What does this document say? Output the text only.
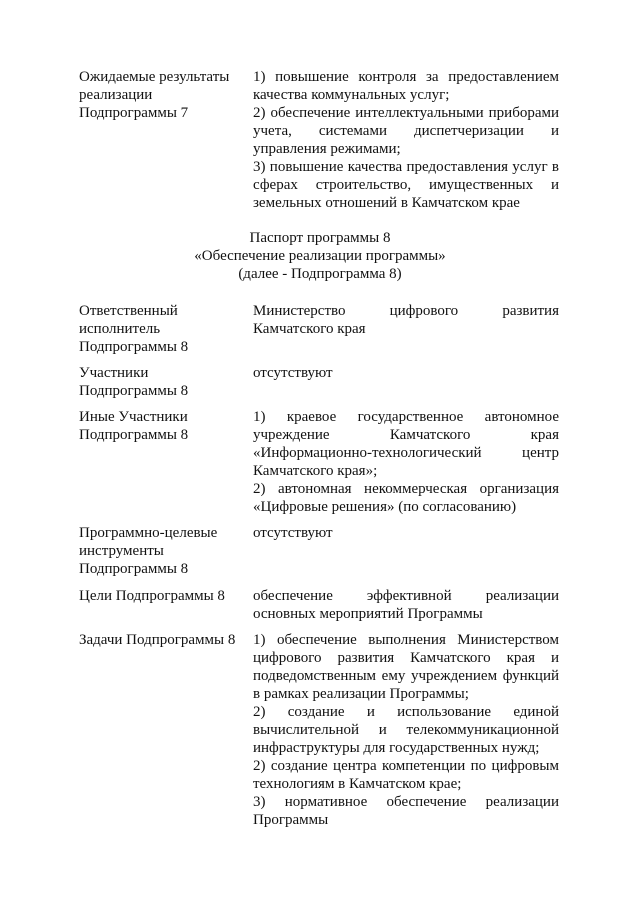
Ожидаемые результаты
реализации
Подпрограммы 7
1) повышение контроля за предоставлением
качества коммунальных услуг;
2) обеспечение интеллектуальными приборами
учета, системами диспетчеризации и
управления режимами;
3) повышение качества предоставления услуг в
сферах строительство, имущественных и
земельных отношений в Камчатском крае
Паспорт программы 8
«Обеспечение реализации программы»
(далее - Подпрограмма 8)
Ответственный
исполнитель
Подпрограммы 8
Министерство цифрового развития
Камчатского края
Участники
Подпрограммы 8
отсутствуют
Иные Участники
Подпрограммы 8
1) краевое государственное автономное
учреждение Камчатского края
«Информационно-технологический центр
Камчатского края»;
2) автономная некоммерческая организация
«Цифровые решения» (по согласованию)
Программно-целевые
инструменты
Подпрограммы 8
отсутствуют
Цели Подпрограммы 8	обеспечение эффективной реализации
основных мероприятий Программы
Задачи Подпрограммы 8	1) обеспечение выполнения Министерством
цифрового развития Камчатского края и
подведомственным ему учреждением функций
в рамках реализации Программы;
2) создание и использование единой
вычислительной и телекоммуникационной
инфраструктуры для государственных нужд;
2) создание центра компетенции по цифровым
технологиям в Камчатском крае;
3) нормативное обеспечение реализации
Программы
